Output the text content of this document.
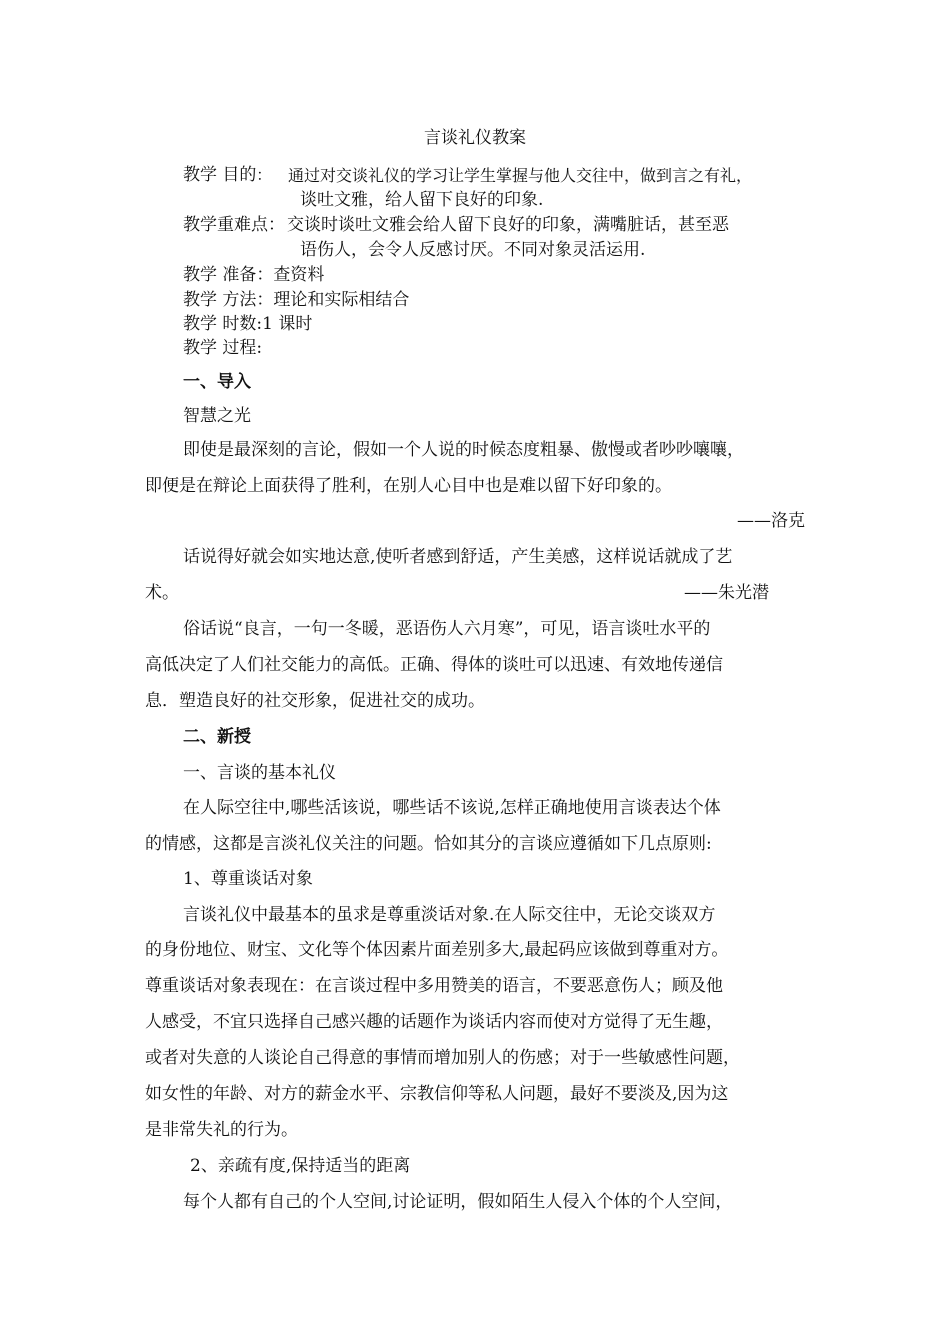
言谈礼仪教案
教学 目的： 通过对交谈礼仪的学习让学生掌握与他人交往中，做到言之有礼，
谈吐文雅，给人留下良好的印象.
教学重难点： 交谈时谈吐文雅会给人留下良好的印象，满嘴脏话，甚至恶
语伤人，会令人反感讨厌。不同对象灵活运用.
教学 准备：查资料
教学 方法：理论和实际相结合
教学 时数:1 课时
教学 过程:
一、导入
智慧之光
即使是最深刻的言论，假如一个人说的时候态度粗暴、傲慢或者吵吵嚷嚷，
即便是在辩论上面获得了胜利，在别人心目中也是难以留下好印象的。
——洛克
话说得好就会如实地达意,使听者感到舒适，产生美感，这样说话就成了艺
术。	——朱光潜
俗话说“良言，一句一冬暖，恶语伤人六月寒”，可见，语言谈吐水平的
高低决定了人们社交能力的高低。正确、得体的谈吐可以迅速、有效地传递信
息．塑造良好的社交形象，促进社交的成功。
二、新授
一、言谈的基本礼仪
在人际空往中,哪些活该说，哪些话不该说,怎样正确地使用言谈表达个体
的情感，这都是言淡礼仪关注的问题。恰如其分的言谈应遵循如下几点原则:
1、尊重谈话对象
言谈礼仪中最基本的虽求是尊重淡话对象.在人际交往中，无论交谈双方
的身份地位、财宝、文化等个体因素片面差别多大,最起码应该做到尊重对方。
尊重谈话对象表现在：在言谈过程中多用赞美的语言，不要恶意伤人；顾及他
人感受，不宜只选择自己感兴趣的话题作为谈话内容而使对方觉得了无生趣，
或者对失意的人谈论自己得意的事情而增加别人的伤感；对于一些敏感性问题，
如女性的年龄、对方的薪金水平、宗教信仰等私人问题，最好不要淡及,因为这
是非常失礼的行为。
2、亲疏有度,保持适当的距离
每个人都有自己的个人空间,讨论证明，假如陌生人侵入个体的个人空间，
